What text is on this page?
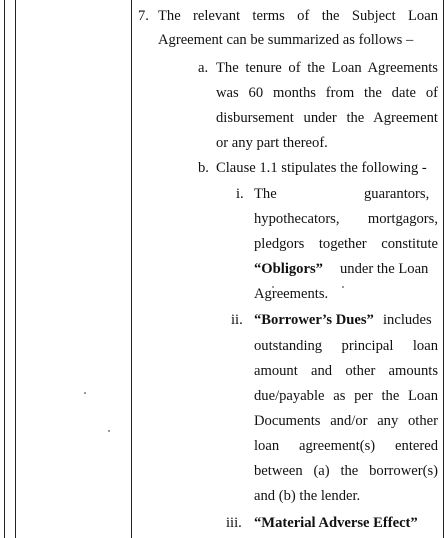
7. The relevant terms of the Subject Loan
Agreement can be summarized as follows –
a. The tenure of the Loan Agreements
was 60 months from the date of
disbursement under the Agreement
or any part thereof.
b. Clause 1.1 stipulates the following -
i. The	guarantors,
hypothecators, mortgagors,
pledgors together constitute
“Obligors” under the Loan
Agreements.
ii. “Borrower’s Dues” includes
outstanding principal loan
amount and other amounts
due/payable as per the Loan
Documents and/or any other
loan agreement(s) entered
between (a) the borrower(s)
and (b) the lender.
iii. “Material Adverse Effect”
